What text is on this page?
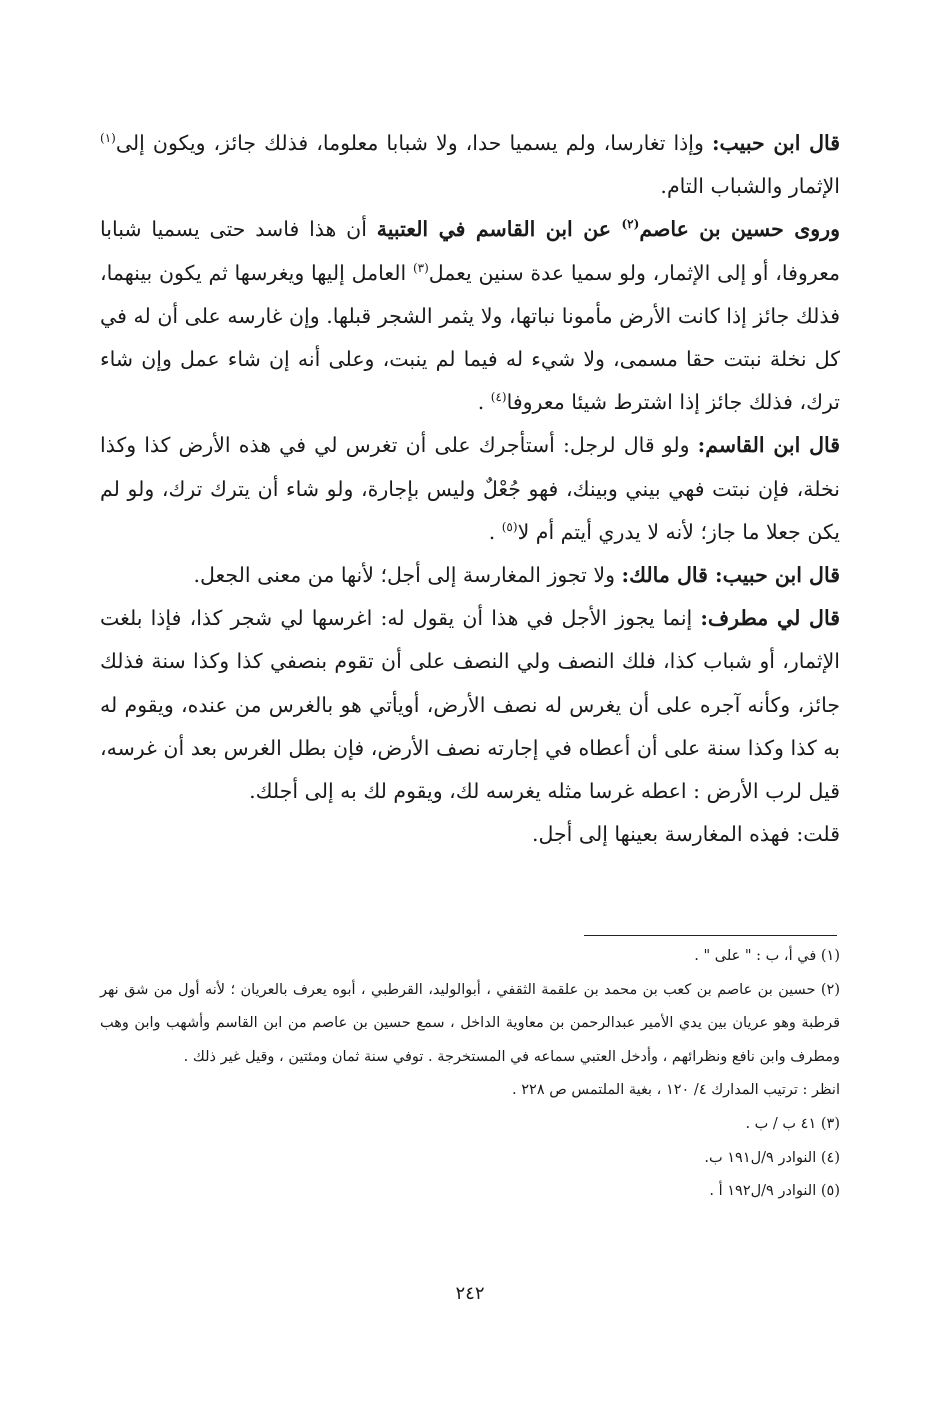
قال ابن حبيب: وإذا تغارسا، ولم يسميا حدا، ولا شبابا معلوما، فذلك جائز، ويكون إلى$^{(١)}$ الإثمار والشباب التام.

وروى حسين بن عاصم$^{(٢)}$ عن ابن القاسم في العتبية أن هذا فاسد حتى يسميا شبابا معروفا، أو إلى الإثمار، ولو سميا عدة سنين يعمل$^{(٣)}$ العامل إليها ويغرسها ثم يكون بينهما، فذلك جائز إذا كانت الأرض مأمونا نباتها، ولا يثمر الشجر قبلها. وإن غارسه على أن له في كل نخلة نبتت حقا مسمى، ولا شيء له فيما لم ينبت، وعلى أنه إن شاء عمل وإن شاء ترك، فذلك جائز إذا اشترط شيئا معروفا$^{(٤)}$ .

قال ابن القاسم: ولو قال لرجل: أستأجرك على أن تغرس لي في هذه الأرض كذا وكذا نخلة، فإن نبتت فهي بيني وبينك، فهو جُعْلٌ وليس بإجارة، ولو شاء أن يترك ترك، ولو لم يكن جعلا ما جاز؛ لأنه لا يدري أيتم أم لا$^{(٥)}$ .

قال ابن حبيب: قال مالك: ولا تجوز المغارسة إلى أجل؛ لأنها من معنى الجعل.

قال لي مطرف: إنما يجوز الأجل في هذا أن يقول له: اغرسها لي شجر كذا، فإذا بلغت الإثمار، أو شباب كذا، فلك النصف ولي النصف على أن تقوم بنصفي كذا وكذا سنة فذلك جائز، وكأنه آجره على أن يغرس له نصف الأرض، أويأتي هو بالغرس من عنده، ويقوم له به كذا وكذا سنة على أن أعطاه في إجارته نصف الأرض، فإن بطل الغرس بعد أن غرسه، قيل لرب الأرض : اعطه غرسا مثله يغرسه لك، ويقوم لك به إلى أجلك.

قلت: فهذه المغارسة بعينها إلى أجل.

(١) في أ، ب : " على " .

(٢) حسين بن عاصم بن كعب بن محمد بن علقمة الثقفي ، أبوالوليد، القرطبي ، أبوه يعرف بالعريان ؛ لأنه أول من شق نهر قرطبة وهو عريان بين يدي الأمير عبدالرحمن بن معاوية الداخل ، سمع حسين بن عاصم من ابن القاسم وأشهب وابن وهب ومطرف وابن نافع ونظرائهم ، وأدخل العتبي سماعه في المستخرجة . توفي سنة ثمان ومئتين ، وقيل غير ذلك .

انظر : ترتيب المدارك ٤/ ١٢٠ ، بغية الملتمس ص ٢٢٨ .

(٣) ٤١ ب / ب .

(٤) النوادر ٩/ل١٩١ ب.

(٥) النوادر ٩/ل١٩٢ أ .

٢٤٢
